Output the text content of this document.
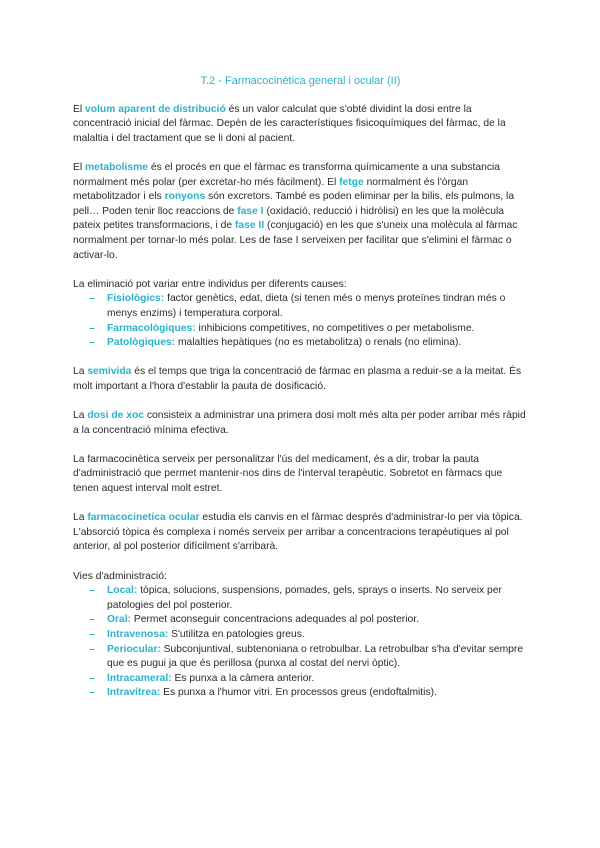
T.2 - Farmacocinètica general i ocular (II)

El volum aparent de distribució és un valor calculat que s'obté dividint la dosi entre la concentració inicial del fàrmac. Depèn de les característiques fisicoquímiques del fàrmac, de la malaltia i del tractament que se li doni al pacient.

El metabolisme és el procés en que el fàrmac es transforma químicamente a una substancia normalment més polar (per excretar-ho més fàcilment). El fetge normalment és l'òrgan metabolitzador i els ronyons són excretors. També es poden eliminar per la bilis, els pulmons, la pell… Poden tenir lloc reaccions de fase I (oxidació, reducció i hidròlisi) en les que la molècula pateix petites transformacions, i de fase II (conjugació) en les que s'uneix una molècula al fàrmac normalment per tornar-lo més polar. Les de fase I serveixen per facilitar que s'elimini el fàrmac o activar-lo.

La eliminació pot variar entre individus per diferents causes:
– Fisiològics: factor genètics, edat, dieta (si tenen més o menys proteïnes tindran més o menys enzims) i temperatura corporal.
– Farmacològiques: inhibicions competitives, no competitives o per metabolisme.
– Patològiques: malalties hepàtiques (no es metabolitza) o renals (no elimina).

La semivida és el temps que triga la concentració de fàrmac en plasma a reduir-se a la meitat. És molt important a l'hora d'establir la pauta de dosificació.

La dosi de xoc consisteix a administrar una primera dosi molt més alta per poder arribar més ràpid a la concentració mínima efectiva.

La farmacocinètica serveix per personalitzar l'ús del medicament, és a dir, trobar la pauta d'administració que permet mantenir-nos dins de l'interval terapèutic. Sobretot en fàrmacs que tenen aquest interval molt estret.

La farmacocinetica ocular estudia els canvis en el fàrmac després d'administrar-lo per via tòpica. L'absorció tòpica és complexa i només serveix per arribar a concentracions terapèutiques al pol anterior, al pol posterior difícilment s'arribarà.

Vies d'administració:
– Local: tòpica, solucions, suspensions, pomades, gels, sprays o inserts. No serveix per patologies del pol posterior.
– Oral: Permet aconseguir concentracions adequades al pol posterior.
– Intravenosa: S'utilitza en patologies greus.
– Periocular: Subconjuntival, subtenoniana o retrobulbar. La retrobulbar s'ha d'evitar sempre que es pugui ja que és perillosa (punxa al costat del nervi òptic).
– Intracameral: Es punxa a la càmera anterior.
– Intravítrea: Es punxa a l'humor vitri. En processos greus (endoftalmitis).
